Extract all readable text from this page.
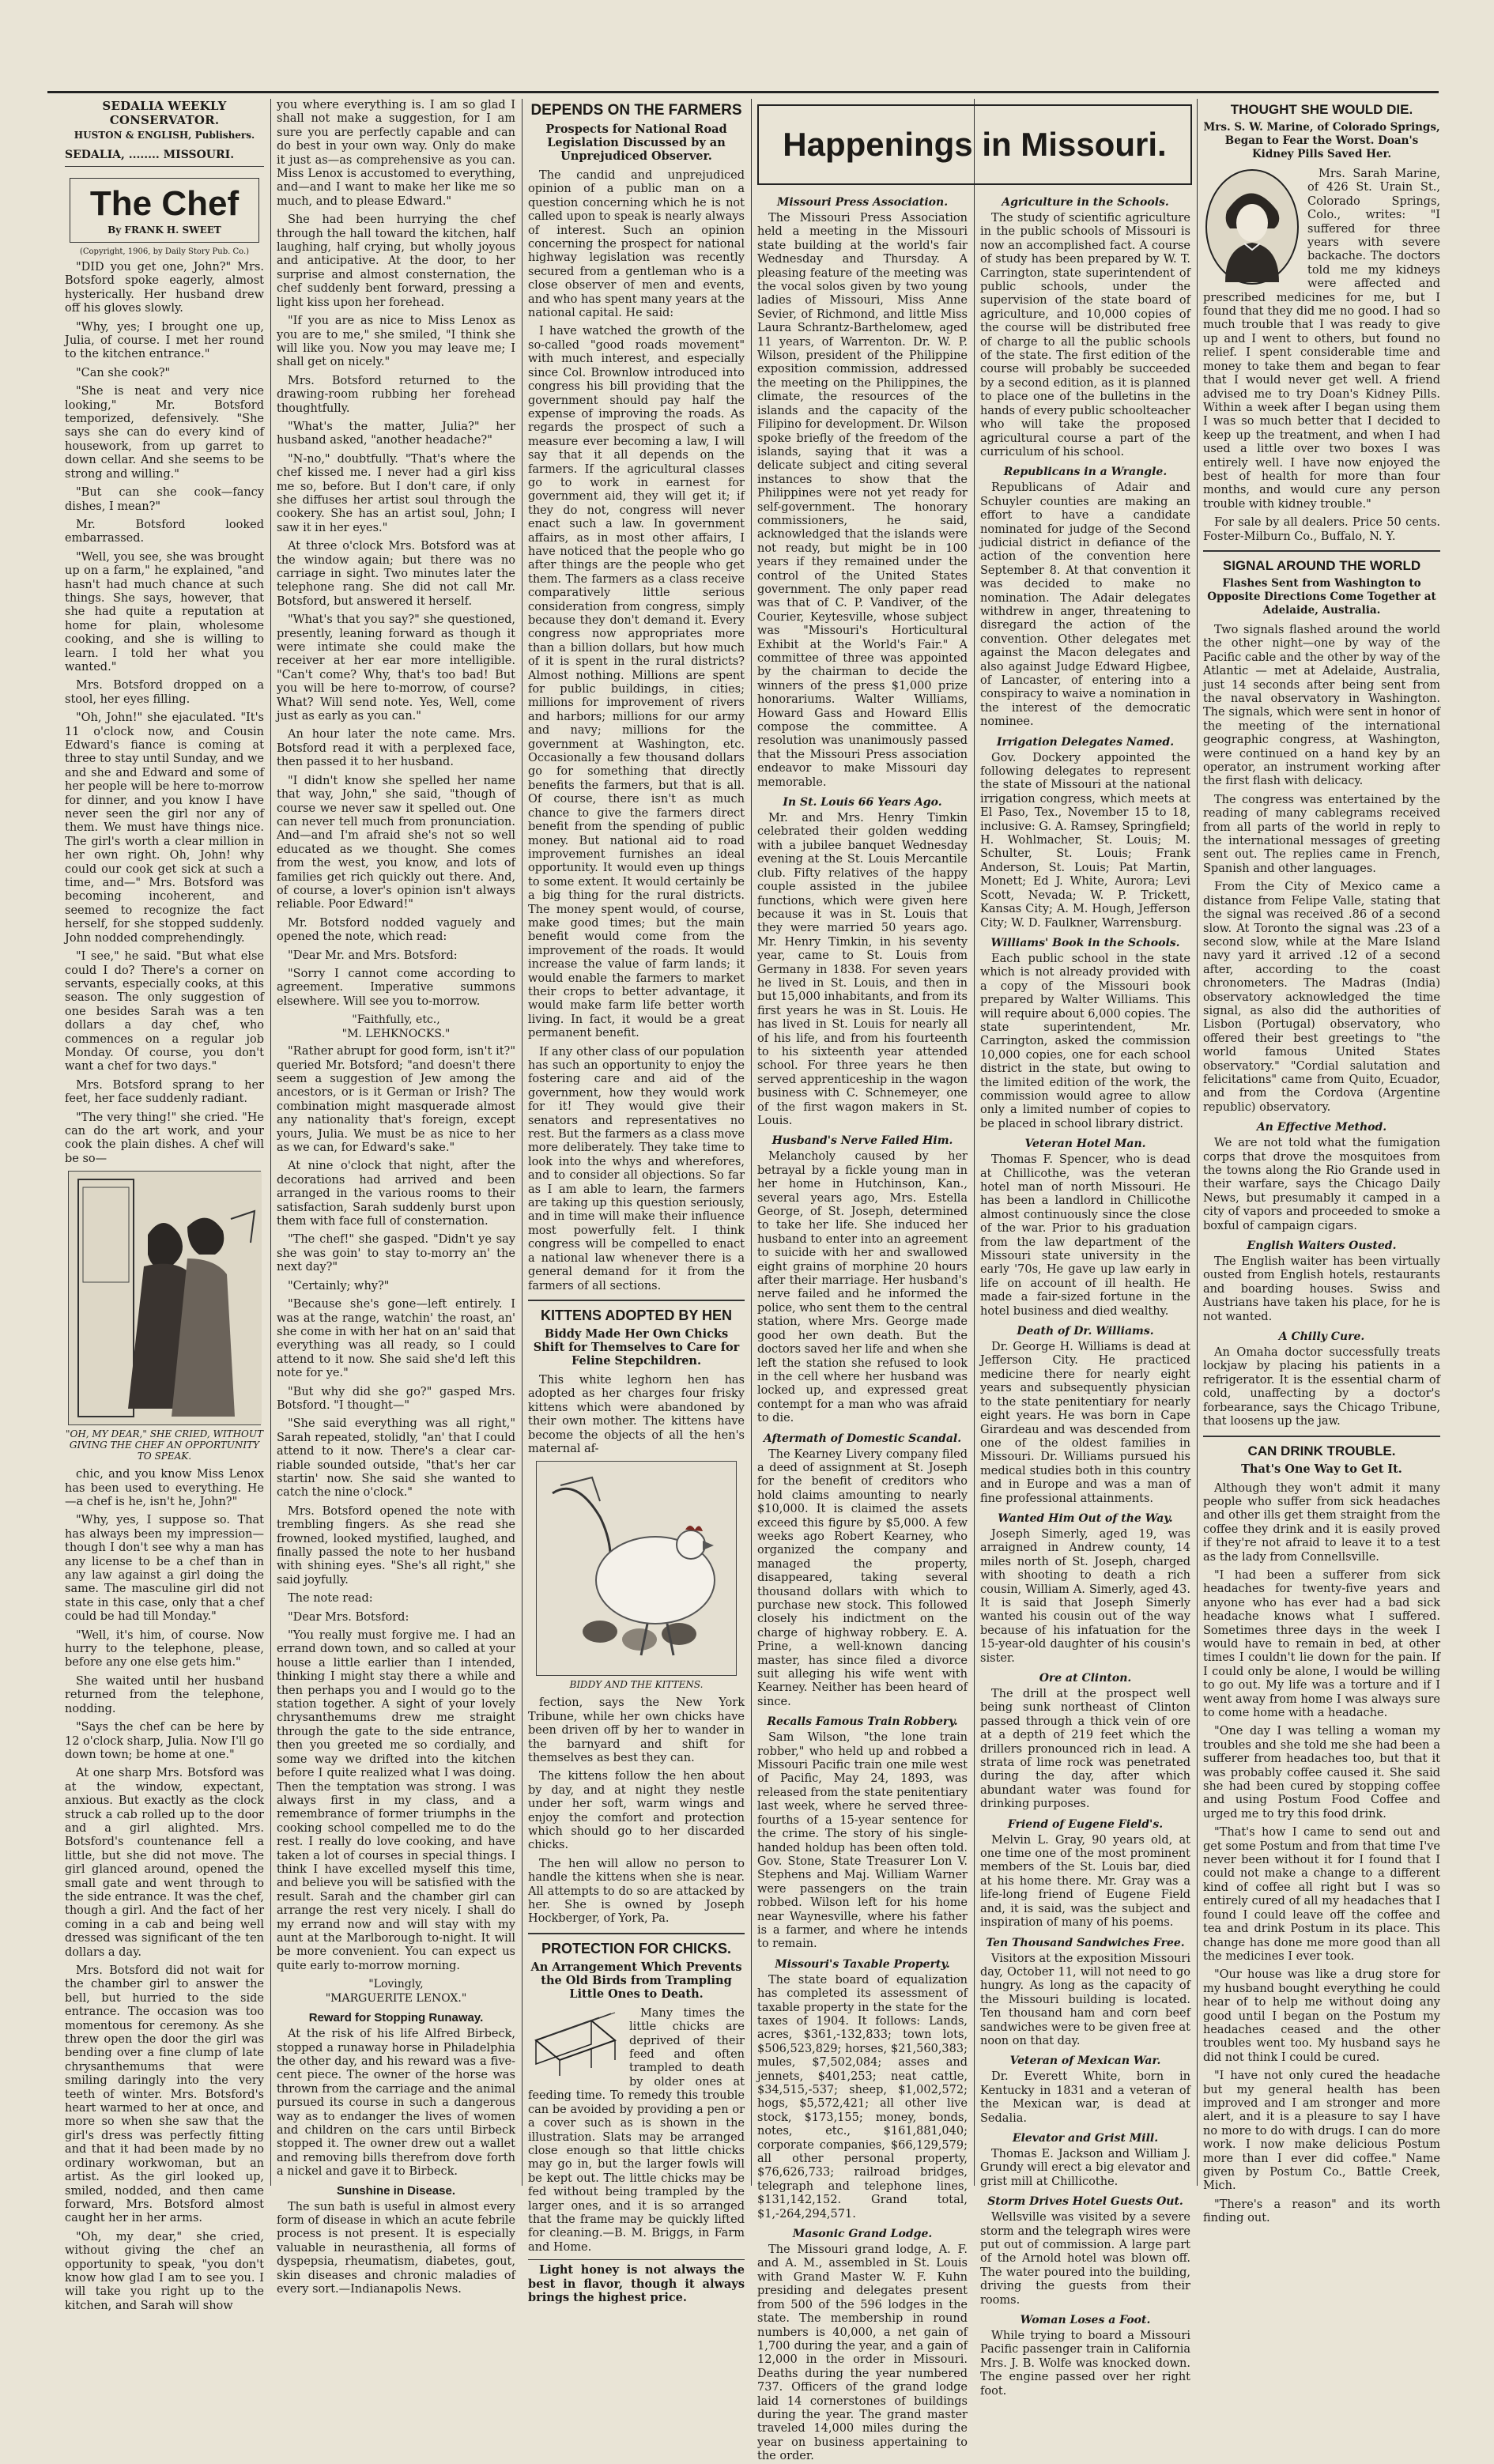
SEDALIA WEEKLY CONSERVATOR.
HUSTON & ENGLISH, Publishers.
SEDALIA, ........ MISSOURI.
The Chef
By FRANK H. SWEET
(Copyright, 1906, by Daily Story Pub. Co.)

"DID you get one, John?" Mrs. Botsford spoke eagerly, almost hysterically. Her husband drew off his gloves slowly.

"Why, yes; I brought one up, Julia, of course. I met her round to the kitchen entrance."

"Can she cook?"

"She is neat and very nice looking," Mr. Botsford temporized, defensively. "She says she can do every kind of housework, from up garret to down cellar. And she seems to be strong and willing."

"But can she cook—fancy dishes, I mean?"

Mr. Botsford looked embarrassed.

"Well, you see, she was brought up on a farm," he explained, "and hasn't had much chance at such things. She says, however, that she had quite a reputation at home for plain, wholesome cooking, and she is willing to learn. I told her what you wanted."

Mrs. Botsford dropped on a stool, her eyes filling.

"Oh, John!" she ejaculated. "It's 11 o'clock now, and Cousin Edward's fiance is coming at three to stay until Sunday, and we and she and Edward and some of her people will be here to-morrow for dinner, and you know I have never seen the girl nor any of them. We must have things nice. The girl's worth a clear million in her own right. Oh, John! why could our cook get sick at such a time, and—" Mrs. Botsford was becoming incoherent, and seemed to recognize the fact herself, for she stopped suddenly. John nodded comprehendingly.

"I see," he said. "But what else could I do? There's a corner on servants, especially cooks, at this season. The only suggestion of one besides Sarah was a ten dollars a day chef, who commences on a regular job Monday. Of course, you don't want a chef for two days."

Mrs. Botsford sprang to her feet, her face suddenly radiant.

"The very thing!" she cried. "He can do the art work, and your cook the plain dishes. A chef will be so—

"OH, MY DEAR," SHE CRIED, WITHOUT GIVING THE CHEF AN OPPORTUNITY TO SPEAK.

chic, and you know Miss Lenox has been used to everything. He—a chef is he, isn't he, John?"

"Why, yes, I suppose so. That has always been my impression—though I don't see why a man has any license to be a chef than in any law against a girl doing the same. The masculine girl did not state in this case, only that a chef could be had till Monday."

"Well, it's him, of course. Now hurry to the telephone, please, before any one else gets him."

She waited until her husband returned from the telephone, nodding.

"Says the chef can be here by 12 o'clock sharp, Julia. Now I'll go down town; be home at one."

At one sharp Mrs. Botsford was at the window, expectant, anxious. But exactly as the clock struck a cab rolled up to the door and a girl alighted. Mrs. Botsford's countenance fell a little, but she did not move. The girl glanced around, opened the small gate and went through to the side entrance. It was the chef, though a girl. And the fact of her coming in a cab and being well dressed was significant of the ten dollars a day.

Mrs. Botsford did not wait for the chamber girl to answer the bell, but hurried to the side entrance. The occasion was too momentous for ceremony. As she threw open the door the girl was bending over a fine clump of late chrysanthemums that were smiling daringly into the very teeth of winter. Mrs. Botsford's heart warmed to her at once, and more so when she saw that the girl's dress was perfectly fitting and that it had been made by no ordinary workwoman, but an artist. As the girl looked up, smiled, nodded, and then came forward, Mrs. Botsford almost caught her in her arms.

"Oh, my dear," she cried, without giving the chef an opportunity to speak, "you don't know how glad I am to see you. I will take you right up to the kitchen, and Sarah will show

you where everything is. I am so glad I shall not make a suggestion, for I am sure you are perfectly capable and can do best in your own way. Only do make it just as—as comprehensive as you can. Miss Lenox is accustomed to everything, and—and I want to make her like me so much, and to please Edward."

She had been hurrying the chef through the hall toward the kitchen, half laughing, half crying, but wholly joyous and anticipative. At the door, to her surprise and almost consternation, the chef suddenly bent forward, pressing a light kiss upon her forehead.

"If you are as nice to Miss Lenox as you are to me," she smiled, "I think she will like you. Now you may leave me; I shall get on nicely."

Mrs. Botsford returned to the drawing-room rubbing her forehead thoughtfully.

"What's the matter, Julia?" her husband asked, "another headache?"

"N-no," doubtfully. "That's where the chef kissed me. I never had a girl kiss me so, before. But I don't care, if only she diffuses her artist soul through the cookery. She has an artist soul, John; I saw it in her eyes."

At three o'clock Mrs. Botsford was at the window again; but there was no carriage in sight. Two minutes later the telephone rang. She did not call Mr. Botsford, but answered it herself.

"What's that you say?" she questioned, presently, leaning forward as though it were intimate she could make the receiver at her ear more intelligible. "Can't come? Why, that's too bad! But you will be here to-morrow, of course? What? Will send note. Yes, Well, come just as early as you can."

An hour later the note came. Mrs. Botsford read it with a perplexed face, then passed it to her husband.

"I didn't know she spelled her name that way, John," she said, "though of course we never saw it spelled out. One can never tell much from pronunciation. And—and I'm afraid she's not so well educated as we thought. She comes from the west, you know, and lots of families get rich quickly out there. And, of course, a lover's opinion isn't always reliable. Poor Edward!"

Mr. Botsford nodded vaguely and opened the note, which read:

"Dear Mr. and Mrs. Botsford:

"Sorry I cannot come according to agreement. Imperative summons elsewhere. Will see you to-morrow.

"Faithfully, etc.,
"M. LEHKNOCKS."

"Rather abrupt for good form, isn't it?" queried Mr. Botsford; "and doesn't there seem a suggestion of Jew among the ancestors, or is it German or Irish? The combination might masquerade almost any nationality that's foreign, except yours, Julia. We must be as nice to her as we can, for Edward's sake."

At nine o'clock that night, after the decorations had arrived and been arranged in the various rooms to their satisfaction, Sarah suddenly burst upon them with face full of consternation.

"The chef!" she gasped. "Didn't ye say she was goin' to stay to-morry an' the next day?"

"Certainly; why?"

"Because she's gone—left entirely. I was at the range, watchin' the roast, an' she come in with her hat on an' said that everything was all ready, so I could attend to it now. She said she'd left this note for ye."

"But why did she go?" gasped Mrs. Botsford. "I thought—"

"She said everything was all right," Sarah repeated, stolidly, "an' that I could attend to it now. There's a clear car-riable sounded outside, "that's her car startin' now. She said she wanted to catch the nine o'clock."

Mrs. Botsford opened the note with trembling fingers. As she read she frowned, looked mystified, laughed, and finally passed the note to her husband with shining eyes. "She's all right," she said joyfully.

The note read:

"Dear Mrs. Botsford:

"You really must forgive me. I had an errand down town, and so called at your house a little earlier than I intended, thinking I might stay there a while and then perhaps you and I would go to the station together. A sight of your lovely chrysanthemums drew me straight through the gate to the side entrance, then you greeted me so cordially, and some way we drifted into the kitchen before I quite realized what I was doing. Then the temptation was strong. I was always first in my class, and a remembrance of former triumphs in the cooking school compelled me to do the rest. I really do love cooking, and have taken a lot of courses in special things. I think I have excelled myself this time, and believe you will be satisfied with the result. Sarah and the chamber girl can arrange the rest very nicely. I shall do my errand now and will stay with my aunt at the Marlborough to-night. It will be more convenient. You can expect us quite early to-morrow morning.

"Lovingly,
"MARGUERITE LENOX."
Reward for Stopping Runaway.

At the risk of his life Alfred Birbeck, stopped a runaway horse in Philadelphia the other day, and his reward was a five-cent piece. The owner of the horse was thrown from the carriage and the animal pursued its course in such a dangerous way as to endanger the lives of women and children on the cars until Birbeck stopped it. The owner drew out a wallet and removing bills therefrom dove forth a nickel and gave it to Birbeck.

Sunshine in Disease.

The sun bath is useful in almost every form of disease in which an acute febrile process is not present. It is especially valuable in neurasthenia, all forms of dyspepsia, rheumatism, diabetes, gout, skin diseases and chronic maladies of every sort.—Indianapolis News.

DEPENDS ON THE FARMERS
Prospects for National Road Legislation Discussed by an Unprejudiced Observer.

The candid and unprejudiced opinion of a public man on a question concerning which he is not called upon to speak is nearly always of interest. Such an opinion concerning the prospect for national highway legislation was recently secured from a gentleman who is a close observer of men and events, and who has spent many years at the national capital. He said:

I have watched the growth of the so-called "good roads movement" with much interest, and especially since Col. Brownlow introduced into congress his bill providing that the government should pay half the expense of improving the roads. As regards the prospect of such a measure ever becoming a law, I will say that it all depends on the farmers. If the agricultural classes go to work in earnest for government aid, they will get it; if they do not, congress will never enact such a law. In government affairs, as in most other affairs, I have noticed that the people who go after things are the people who get them. The farmers as a class receive comparatively little serious consideration from congress, simply because they don't demand it. Every congress now appropriates more than a billion dollars, but how much of it is spent in the rural districts? Almost nothing. Millions are spent for public buildings, in cities; millions for improvement of rivers and harbors; millions for our army and navy; millions for the government at Washington, etc. Occasionally a few thousand dollars go for something that directly benefits the farmers, but that is all. Of course, there isn't as much chance to give the farmers direct benefit from the spending of public money. But national aid to road improvement furnishes an ideal opportunity. It would even up things to some extent. It would certainly be a big thing for the rural districts. The money spent would, of course, make good times; but the main benefit would come from the improvement of the roads. It would increase the value of farm lands; it would enable the farmers to market their crops to better advantage, it would make farm life better worth living. In fact, it would be a great permanent benefit.

If any other class of our population has such an opportunity to enjoy the fostering care and aid of the government, how they would work for it! They would give their senators and representatives no rest. But the farmers as a class move more deliberately. They take time to look into the whys and wherefores, and to consider all objections. So far as I am able to learn, the farmers are taking up this question seriously, and in time will make their influence most powerfully felt. I think congress will be compelled to enact a national law whenever there is a general demand for it from the farmers of all sections.

KITTENS ADOPTED BY HEN
Biddy Made Her Own Chicks Shift for Themselves to Care for Feline Stepchildren.

This white leghorn hen has adopted as her charges four frisky kittens which were abandoned by their own mother. The kittens have become the objects of all the hen's maternal af-

BIDDY AND THE KITTENS.

fection, says the New York Tribune, while her own chicks have been driven off by her to wander in the barnyard and shift for themselves as best they can.

The kittens follow the hen about by day, and at night they nestle under her soft, warm wings and enjoy the comfort and protection which should go to her discarded chicks.

The hen will allow no person to handle the kittens when she is near. All attempts to do so are attacked by her. She is owned by Joseph Hockberger, of York, Pa.

PROTECTION FOR CHICKS.
An Arrangement Which Prevents the Old Birds from Trampling Little Ones to Death.

Many times the little chicks are deprived of their feed and often trampled to death by older ones at feeding time. To remedy this trouble can be avoided by providing a pen or a cover such as is shown in the illustration. Slats may be arranged close enough so that little chicks may go in, but the larger fowls will be kept out. The little chicks may be fed without being trampled by the larger ones, and it is so arranged that the frame may be quickly lifted for cleaning.—B. M. Briggs, in Farm and Home.

Light honey is not always the best in flavor, though it always brings the highest price.

Happenings in Missouri.
Missouri Press Association.

The Missouri Press Association held a meeting in the Missouri state building at the world's fair Wednesday and Thursday. A pleasing feature of the meeting was the vocal solos given by two young ladies of Missouri, Miss Anne Sevier, of Richmond, and little Miss Laura Schrantz-Barthelomew, aged 11 years, of Warrenton. Dr. W. P. Wilson, president of the Philippine exposition commission, addressed the meeting on the Philippines, the climate, the resources of the islands and the capacity of the Filipino for development. Dr. Wilson spoke briefly of the freedom of the islands, saying that it was a delicate subject and citing several instances to show that the Philippines were not yet ready for self-government. The honorary commissioners, he said, acknowledged that the islands were not ready, but might be in 100 years if they remained under the control of the United States government. The only paper read was that of C. P. Vandiver, of the Courier, Keytesville, whose subject was "Missouri's Horticultural Exhibit at the World's Fair." A committee of three was appointed by the chairman to decide the winners of the press $1,000 prize honorariums. Walter Williams, Howard Gass and Howard Ellis compose the committee. A resolution was unanimously passed that the Missouri Press association endeavor to make Missouri day memorable.

In St. Louis 66 Years Ago.

Mr. and Mrs. Henry Timkin celebrated their golden wedding with a jubilee banquet Wednesday evening at the St. Louis Mercantile club. Fifty relatives of the happy couple assisted in the jubilee functions, which were given here because it was in St. Louis that they were married 50 years ago. Mr. Henry Timkin, in his seventy year, came to St. Louis from Germany in 1838. For seven years he lived in St. Louis, and then in but 15,000 inhabitants, and from its first years he was in St. Louis. He has lived in St. Louis for nearly all of his life, and from his fourteenth to his sixteenth year attended school. For three years he then served apprenticeship in the wagon business with C. Schnemeyer, one of the first wagon makers in St. Louis.

Husband's Nerve Failed Him.

Melancholy caused by her betrayal by a fickle young man in her home in Hutchinson, Kan., several years ago, Mrs. Estella George, of St. Joseph, determined to take her life. She induced her husband to enter into an agreement to suicide with her and swallowed eight grains of morphine 20 hours after their marriage. Her husband's nerve failed and he informed the police, who sent them to the central station, where Mrs. George made good her own death. But the doctors saved her life and when she left the station she refused to look in the cell where her husband was locked up, and expressed great contempt for a man who was afraid to die.

Aftermath of Domestic Scandal.

The Kearney Livery company filed a deed of assignment at St. Joseph for the benefit of creditors who hold claims amounting to nearly $10,000. It is claimed the assets exceed this figure by $5,000. A few weeks ago Robert Kearney, who organized the company and managed the property, disappeared, taking several thousand dollars with which to purchase new stock. This followed closely his indictment on the charge of highway robbery. E. A. Prine, a well-known dancing master, has since filed a divorce suit alleging his wife went with Kearney. Neither has been heard of since.

Recalls Famous Train Robbery.

Sam Wilson, "the lone train robber," who held up and robbed a Missouri Pacific train one mile west of Pacific, May 24, 1893, was released from the state penitentiary last week, where he served three-fourths of a 15-year sentence for the crime. The story of his single-handed holdup has been often told. Gov. Stone, State Treasurer Lon V. Stephens and Maj. William Warner were passengers on the train robbed. Wilson left for his home near Waynesville, where his father is a farmer, and where he intends to remain.

Missouri's Taxable Property.

The state board of equalization has completed its assessment of taxable property in the state for the taxes of 1904. It follows: Lands, acres, $361,-132,833; town lots, $506,523,829; horses, $21,560,383; mules, $7,502,084; asses and jennets, $401,253; neat cattle, $34,515,-537; sheep, $1,002,572; hogs, $5,572,421; all other live stock, $173,155; money, bonds, notes, etc., $161,881,040; corporate companies, $66,129,579; all other personal property, $76,626,733; railroad bridges, telegraph and telephone lines, $131,142,152. Grand total, $1,-264,294,571.

Masonic Grand Lodge.

The Missouri grand lodge, A. F. and A. M., assembled in St. Louis with Grand Master W. F. Kuhn presiding and delegates present from 500 of the 596 lodges in the state. The membership in round numbers is 40,000, a net gain of 1,700 during the year, and a gain of 12,000 in the order in Missouri. Deaths during the year numbered 737. Officers of the grand lodge laid 14 cornerstones of buildings during the year. The grand master traveled 14,000 miles during the year on business appertaining to the order.

Agriculture in the Schools.

The study of scientific agriculture in the public schools of Missouri is now an accomplished fact. A course of study has been prepared by W. T. Carrington, state superintendent of public schools, under the supervision of the state board of agriculture, and 10,000 copies of the course will be distributed free of charge to all the public schools of the state. The first edition of the course will probably be succeeded by a second edition, as it is planned to place one of the bulletins in the hands of every public schoolteacher who will take the proposed agricultural course a part of the curriculum of his school.

Republicans in a Wrangle.

Republicans of Adair and Schuyler counties are making an effort to have a candidate nominated for judge of the Second judicial district in defiance of the action of the convention here September 8. At that convention it was decided to make no nomination. The Adair delegates withdrew in anger, threatening to disregard the action of the convention. Other delegates met against the Macon delegates and also against Judge Edward Higbee, of Lancaster, of entering into a conspiracy to waive a nomination in the interest of the democratic nominee.

Irrigation Delegates Named.

Gov. Dockery appointed the following delegates to represent the state of Missouri at the national irrigation congress, which meets at El Paso, Tex., November 15 to 18, inclusive: G. A. Ramsey, Springfield; H. Wohlmacher, St. Louis; M. Schulter, St. Louis; Frank Anderson, St. Louis; Pat Martin, Monett; Ed J. White, Aurora; Levi Scott, Nevada; W. P. Trickett, Kansas City; A. M. Hough, Jefferson City; W. D. Faulkner, Warrensburg.

Williams' Book in the Schools.

Each public school in the state which is not already provided with a copy of the Missouri book prepared by Walter Williams. This will require about 6,000 copies. The state superintendent, Mr. Carrington, asked the commission 10,000 copies, one for each school district in the state, but owing to the limited edition of the work, the commission would agree to allow only a limited number of copies to be placed in school library district.

Veteran Hotel Man.

Thomas F. Spencer, who is dead at Chillicothe, was the veteran hotel man of north Missouri. He has been a landlord in Chillicothe almost continuously since the close of the war. Prior to his graduation from the law department of the Missouri state university in the early '70s, He gave up law early in life on account of ill health. He made a fair-sized fortune in the hotel business and died wealthy.

Death of Dr. Williams.

Dr. George H. Williams is dead at Jefferson City. He practiced medicine there for nearly eight years and subsequently physician to the state penitentiary for nearly eight years. He was born in Cape Girardeau and was descended from one of the oldest families in Missouri. Dr. Williams pursued his medical studies both in this country and in Europe and was a man of fine professional attainments.

Wanted Him Out of the Way.

Joseph Simerly, aged 19, was arraigned in Andrew county, 14 miles north of St. Joseph, charged with shooting to death a rich cousin, William A. Simerly, aged 43. It is said that Joseph Simerly wanted his cousin out of the way because of his infatuation for the 15-year-old daughter of his cousin's sister.

Ore at Clinton.

The drill at the prospect well being sunk northeast of Clinton passed through a thick vein of ore at a depth of 219 feet which the drillers pronounced rich in lead. A strata of lime rock was penetrated during the day, after which abundant water was found for drinking purposes.

Friend of Eugene Field's.

Melvin L. Gray, 90 years old, at one time one of the most prominent members of the St. Louis bar, died at his home there. Mr. Gray was a life-long friend of Eugene Field and, it is said, was the subject and inspiration of many of his poems.

Ten Thousand Sandwiches Free.

Visitors at the exposition Missouri day, October 11, will not need to go hungry. As long as the capacity of the Missouri building is located. Ten thousand ham and corn beef sandwiches were to be given free at noon on that day.

Veteran of Mexican War.

Dr. Everett White, born in Kentucky in 1831 and a veteran of the Mexican war, is dead at Sedalia.

Elevator and Grist Mill.

Thomas E. Jackson and William J. Grundy will erect a big elevator and grist mill at Chillicothe.

Storm Drives Hotel Guests Out.

Wellsville was visited by a severe storm and the telegraph wires were put out of commission. A large part of the Arnold hotel was blown off. The water poured into the building, driving the guests from their rooms.

Woman Loses a Foot.

While trying to board a Missouri Pacific passenger train in California Mrs. J. B. Wolfe was knocked down. The engine passed over her right foot.

THOUGHT SHE WOULD DIE.
Mrs. S. W. Marine, of Colorado Springs, Began to Fear the Worst. Doan's Kidney Pills Saved Her.

Mrs. Sarah Marine, of 426 St. Urain St., Colorado Springs, Colo., writes: "I suffered for three years with severe backache. The doctors told me my kidneys were affected and prescribed medicines for me, but I found that they did me no good. I had so much trouble that I was ready to give up and I went to others, but found no relief. I spent considerable time and money to take them and began to fear that I would never get well. A friend advised me to try Doan's Kidney Pills. Within a week after I began using them I was so much better that I decided to keep up the treatment, and when I had used a little over two boxes I was entirely well. I have now enjoyed the best of health for more than four months, and would cure any person trouble with kidney trouble."

For sale by all dealers. Price 50 cents. Foster-Milburn Co., Buffalo, N. Y.

SIGNAL AROUND THE WORLD
Flashes Sent from Washington to Opposite Directions Come Together at Adelaide, Australia.

Two signals flashed around the world the other night—one by way of the Pacific cable and the other by way of the Atlantic — met at Adelaide, Australia, just 14 seconds after being sent from the naval observatory in Washington. The signals, which were sent in honor of the meeting of the international geographic congress, at Washington, were continued on a hand key by an operator, an instrument working after the first flash with delicacy.

The congress was entertained by the reading of many cablegrams received from all parts of the world in reply to the international messages of greeting sent out. The replies came in French, Spanish and other languages.

From the City of Mexico came a distance from Felipe Valle, stating that the signal was received .86 of a second slow. At Toronto the signal was .23 of a second slow, while at the Mare Island navy yard it arrived .12 of a second after, according to the coast chronometers. The Madras (India) observatory acknowledged the time signal, as also did the authorities of Lisbon (Portugal) observatory, who offered their best greetings to "the world famous United States observatory." "Cordial salutation and felicitations" came from Quito, Ecuador, and from the Cordova (Argentine republic) observatory.

An Effective Method.

We are not told what the fumigation corps that drove the mosquitoes from the towns along the Rio Grande used in their warfare, says the Chicago Daily News, but presumably it camped in a city of vapors and proceeded to smoke a boxful of campaign cigars.

English Waiters Ousted.

The English waiter has been virtually ousted from English hotels, restaurants and boarding houses. Swiss and Austrians have taken his place, for he is not wanted.

A Chilly Cure.

An Omaha doctor successfully treats lockjaw by placing his patients in a refrigerator. It is the essential charm of cold, unaffecting by a doctor's forbearance, says the Chicago Tribune, that loosens up the jaw.

CAN DRINK TROUBLE.
That's One Way to Get It.

Although they won't admit it many people who suffer from sick headaches and other ills get them straight from the coffee they drink and it is easily proved if they're not afraid to leave it to a test as the lady from Connellsville.

"I had been a sufferer from sick headaches for twenty-five years and anyone who has ever had a bad sick headache knows what I suffered. Sometimes three days in the week I would have to remain in bed, at other times I couldn't lie down for the pain. If I could only be alone, I would be willing to go out. My life was a torture and if I went away from home I was always sure to come home with a headache.

"One day I was telling a woman my troubles and she told me she had been a sufferer from headaches too, but that it was probably coffee caused it. She said she had been cured by stopping coffee and using Postum Food Coffee and urged me to try this food drink.

"That's how I came to send out and get some Postum and from that time I've never been without it for I found that I could not make a change to a different kind of coffee all right but I was so entirely cured of all my headaches that I found I could leave off the coffee and tea and drink Postum in its place. This change has done me more good than all the medicines I ever took.

"Our house was like a drug store for my husband bought everything he could hear of to help me without doing any good until I began on the Postum my headaches ceased and the other troubles went too. My husband says he did not think I could be cured.

"I have not only cured the headache but my general health has been improved and I am stronger and more alert, and it is a pleasure to say I have no more to do with drugs. I can do more work. I now make delicious Postum more than I ever did coffee." Name given by Postum Co., Battle Creek, Mich.

"There's a reason" and its worth finding out.
